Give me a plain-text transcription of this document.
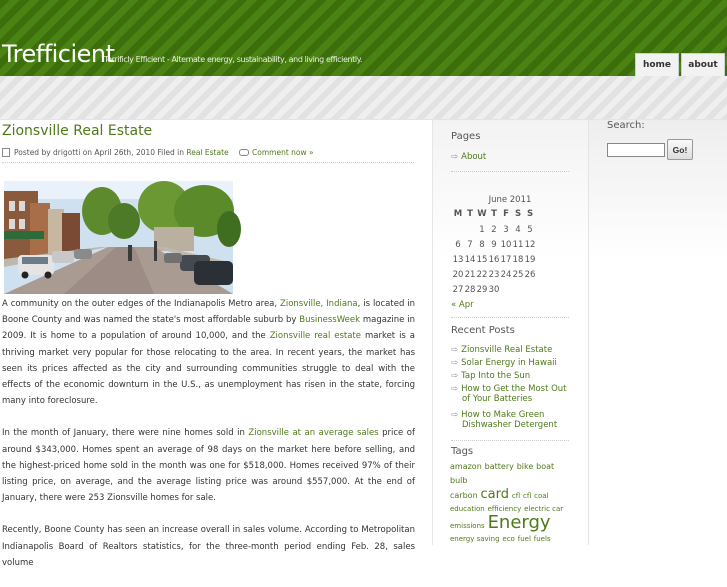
Trefficient
Terrificly Efficient - Alternate energy, sustainability, and living efficiently.
home	about
Zionsville Real Estate
Posted by drigotti on April 26th, 2010 Filed in Real Estate	Comment now »

A community on the outer edges of the Indianapolis Metro area, Zionsville, Indiana, is located in Boone County and was named the state's most affordable suburb by BusinessWeek magazine in 2009. It is home to a population of around 10,000, and the Zionsville real estate market is a thriving market very popular for those relocating to the area. In recent years, the market has seen its prices affected as the city and surrounding communities struggle to deal with the effects of the economic downturn in the U.S., as unemployment has risen in the state, forcing many into foreclosure.

In the month of January, there were nine homes sold in Zionsville at an average sales price of around $343,000. Homes spent an average of 98 days on the market here before selling, and the highest-priced home sold in the month was one for $518,000. Homes received 97% of their listing price, on average, and the average listing price was around $557,000. At the end of January, there were 253 Zionsville homes for sale.

Recently, Boone County has seen an increase overall in sales volume. According to Metropolitan Indianapolis Board of Realtors statistics, for the three-month period ending Feb. 28, sales volume

Pages
⇨ About
June 2011
M T W T F S S
1 2 3 4 5
6 7 8 9 10 11 12
13 14 15 16 17 18 19
20 21 22 23 24 25 26
27 28 29 30
« Apr
Recent Posts
⇨ Zionsville Real Estate
⇨ Solar Energy in Hawaii
⇨ Tap Into the Sun
⇨ How to Get the Most Out
of Your Batteries
⇨ How to Make Green
Dishwasher Detergent
Tags
amazon battery bike boat bulb
carbon card cfl cfl coal
education efficiency electric car
emissions Energy
energy saving eco fuel fuels
Search:
Go!
